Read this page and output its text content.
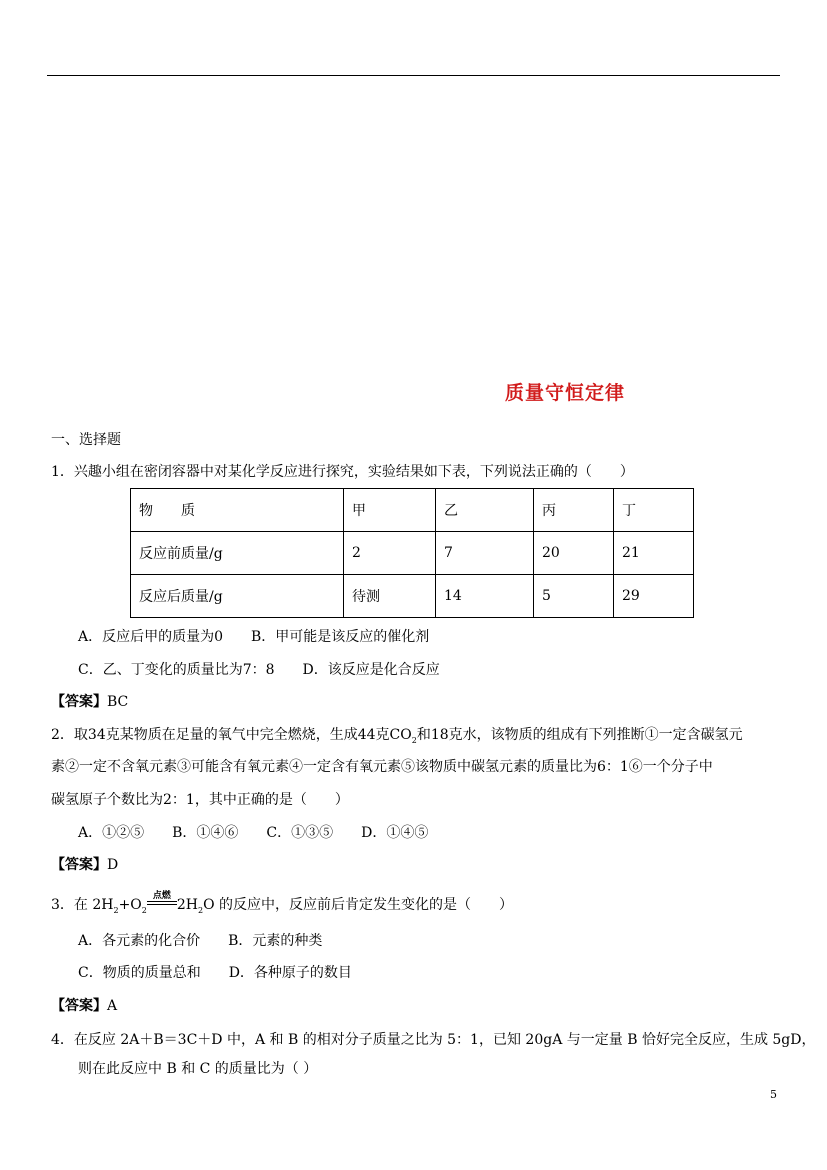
质量守恒定律
一、选择题
1．兴趣小组在密闭容器中对某化学反应进行探究，实验结果如下表，下列说法正确的（　　）
物　　质	甲	乙	丙	丁
反应前质量/g	2	7	20	21
反应后质量/g	待测	14	5	29
A．反应后甲的质量为0　　B．甲可能是该反应的催化剂
C．乙、丁变化的质量比为7：8　　D．该反应是化合反应
【答案】BC
2．取34克某物质在足量的氧气中完全燃烧，生成44克$CO_2$和18克水，该物质的组成有下列推断①一定含碳氢元
素②一定不含氧元素③可能含有氧元素④一定含有氧元素⑤该物质中碳氢元素的质量比为6：1⑥一个分子中
碳氢原子个数比为2：1，其中正确的是（　　）
A．①②⑤　　B．①④⑥　　C．①③⑤　　D．①④⑤
【答案】D
3．在 $2H_2+O_2$
点燃
$2H_2O$ 的反应中，反应前后肯定发生变化的是（　　）
A．各元素的化合价　　B．元素的种类
C．物质的质量总和　　D．各种原子的数目
【答案】A
4．在反应 2A＋B＝3C＋D 中，A 和 B 的相对分子质量之比为 5：1，已知 20gA 与一定量 B 恰好完全反应，生成 5gD，
则在此反应中 B 和 C 的质量比为（ ）
5
